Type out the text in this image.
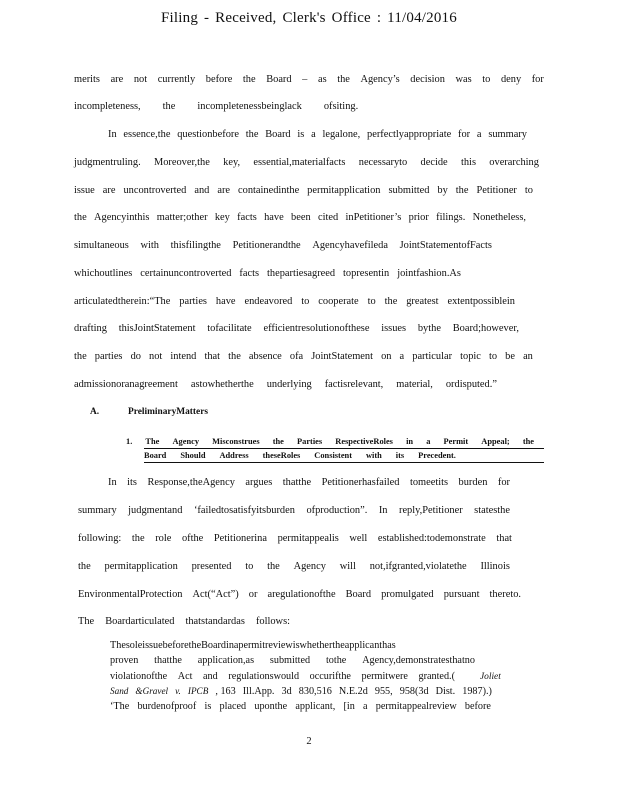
Filing - Received, Clerk's Office : 11/04/2016
merits are not currently before the Board – as the Agency’s decision was to deny for
incompleteness, the incompletenessbeinglack ofsiting.
In essence,the questionbefore the Board is a legalone, perfectlyappropriate for a summary
judgmentruling. Moreover,the key, essential,materialfacts necessaryto decide this overarching
issue are uncontroverted and are containedinthe permitapplication submitted by the Petitioner to
the Agencyinthis matter;other key facts have been cited inPetitioner’s prior filings. Nonetheless,
simultaneous with thisfilingthe Petitionerandthe Agencyhavefileda JointStatementofFacts
whichoutlines certainuncontroverted facts thepartiesagreed topresentin jointfashion.As
articulatedtherein:“The parties have endeavored to cooperate to the greatest extentpossiblein
drafting thisJointStatement tofacilitate efficientresolutionofthese issues bythe Board;however,
the parties do not intend that the absence ofa JointStatement on a particular topic to be an
admissionoranagreement astowhetherthe underlying factisrelevant, material, ordisputed.”
A.	PreliminaryMatters
1. The Agency Misconstrues the Parties RespectiveRoles in a Permit Appeal; the
Board Should Address theseRoles Consistent with its Precedent.
In its Response,theAgency argues thatthe Petitionerhasfailed tomeetits burden for
summary judgmentand ‘failedtosatisfyitsburden ofproduction”. In reply,Petitioner statesthe
following: the role ofthe Petitionerina permitappealis well established:todemonstrate that
the permitapplication presented to the Agency will not,ifgranted,violatethe Illinois
EnvironmentalProtection Act(“Act”) or aregulationofthe Board promulgated pursuant thereto.
The Boardarticulated thatstandardas follows:
ThesoleissuebeforetheBoardinapermitreviewiswhethertheapplicanthas
proven thatthe application,as submitted tothe Agency,demonstratesthatno
violationofthe Act and regulationswould occurifthe permitwere granted.(	Joliet
Sand &Gravel v. IPCB , 163 Ill.App. 3d 830,516 N.E.2d 955, 958(3d Dist. 1987).)
‘The burdenofproof is placed uponthe applicant, [in a permitappealreview before
2
